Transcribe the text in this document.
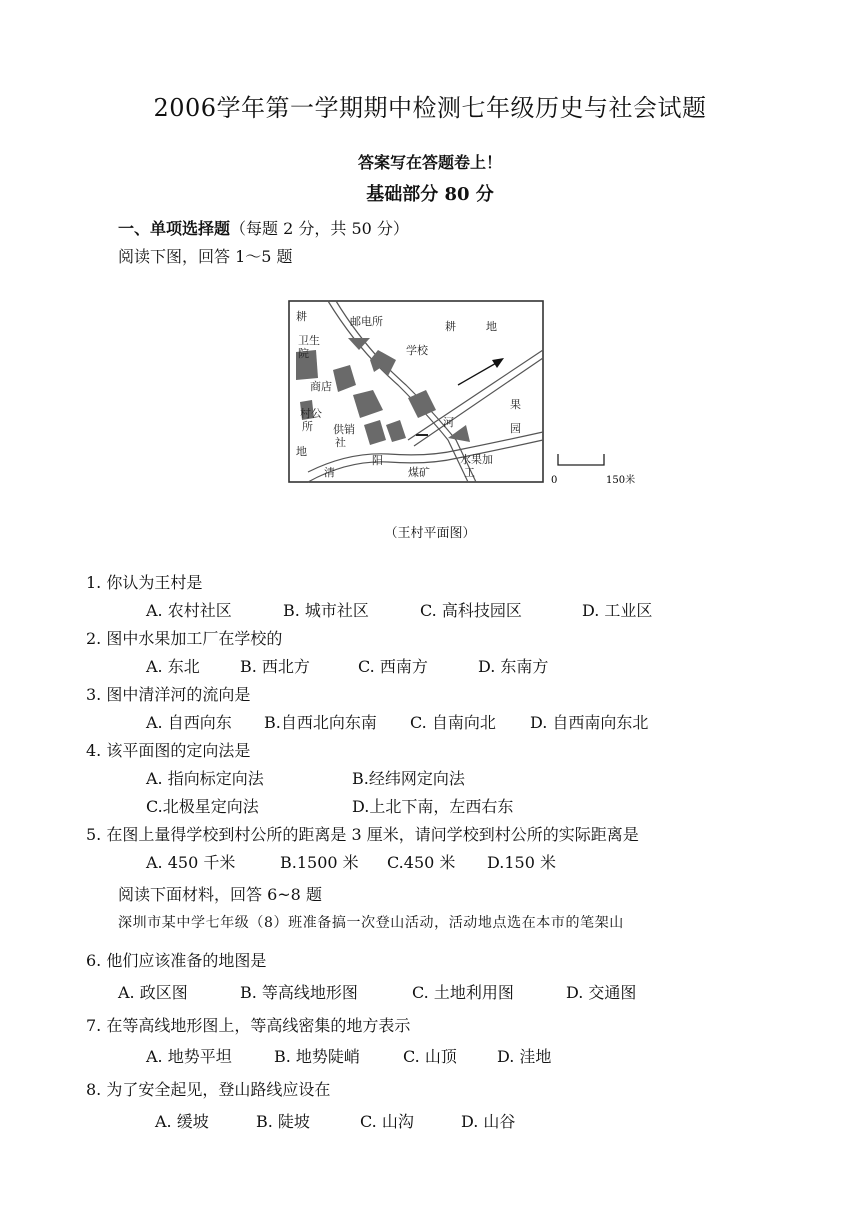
2006学年第一学期期中检测七年级历史与社会试题
答案写在答题卷上！
基础部分 80 分
一、单项选择题（每题 2 分，共 50 分）
阅读下图，回答 1～5 题
耕	邮电所	耕	地
卫生
院	学校
商店
村公
所 供销
社
河
果
园
地
清
阳
煤矿
水果加
工
0	150米
（王村平面图）
1. 你认为王村是
A. 农村社区	B. 城市社区	C. 高科技园区	D. 工业区
2. 图中水果加工厂在学校的
A. 东北	B. 西北方	C. 西南方	D. 东南方
3. 图中清洋河的流向是
A. 自西向东 B.自西北向东南 C. 自南向北 D. 自西南向东北
4. 该平面图的定向法是
A. 指向标定向法	B.经纬网定向法
C.北极星定向法	D.上北下南，左西右东
5. 在图上量得学校到村公所的距离是 3 厘米，请问学校到村公所的实际距离是
A. 450 千米	B.1500 米 C.450 米 D.150 米
阅读下面材料，回答 6~8 题
深圳市某中学七年级（8）班准备搞一次登山活动，活动地点选在本市的笔架山
6. 他们应该准备的地图是
A. 政区图	B. 等高线地形图	C. 土地利用图	D. 交通图
7. 在等高线地形图上，等高线密集的地方表示
A. 地势平坦	B. 地势陡峭	C. 山顶	D. 洼地
8. 为了安全起见，登山路线应设在
A. 缓坡	B. 陡坡	C. 山沟	D. 山谷
